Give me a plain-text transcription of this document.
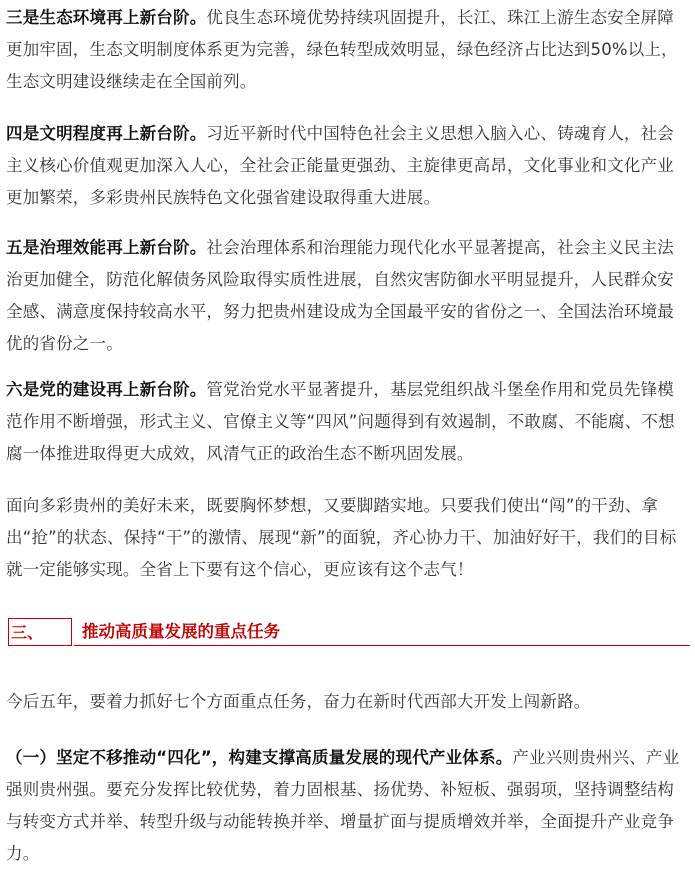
三是生态环境再上新台阶。优良生态环境优势持续巩固提升，长江、珠江上游生态安全屏障更加牢固，生态文明制度体系更为完善，绿色转型成效明显，绿色经济占比达到50%以上，生态文明建设继续走在全国前列。

四是文明程度再上新台阶。习近平新时代中国特色社会主义思想入脑入心、铸魂育人，社会主义核心价值观更加深入人心，全社会正能量更强劲、主旋律更高昂，文化事业和文化产业更加繁荣，多彩贵州民族特色文化强省建设取得重大进展。

五是治理效能再上新台阶。社会治理体系和治理能力现代化水平显著提高，社会主义民主法治更加健全，防范化解债务风险取得实质性进展，自然灾害防御水平明显提升，人民群众安全感、满意度保持较高水平，努力把贵州建设成为全国最平安的省份之一、全国法治环境最优的省份之一。

六是党的建设再上新台阶。管党治党水平显著提升，基层党组织战斗堡垒作用和党员先锋模范作用不断增强，形式主义、官僚主义等“四风”问题得到有效遏制，不敢腐、不能腐、不想腐一体推进取得更大成效，风清气正的政治生态不断巩固发展。

面向多彩贵州的美好未来，既要胸怀梦想，又要脚踏实地。只要我们使出“闯”的干劲、拿出“抢”的状态、保持“干”的激情、展现“新”的面貌，齐心协力干、加油好好干，我们的目标就一定能够实现。全省上下要有这个信心，更应该有这个志气！

三、	推动高质量发展的重点任务

今后五年，要着力抓好七个方面重点任务，奋力在新时代西部大开发上闯新路。

（一）坚定不移推动“四化”，构建支撑高质量发展的现代产业体系。产业兴则贵州兴、产业强则贵州强。要充分发挥比较优势，着力固根基、扬优势、补短板、强弱项，坚持调整结构与转变方式并举、转型升级与动能转换并举、增量扩面与提质增效并举，全面提升产业竞争力。
